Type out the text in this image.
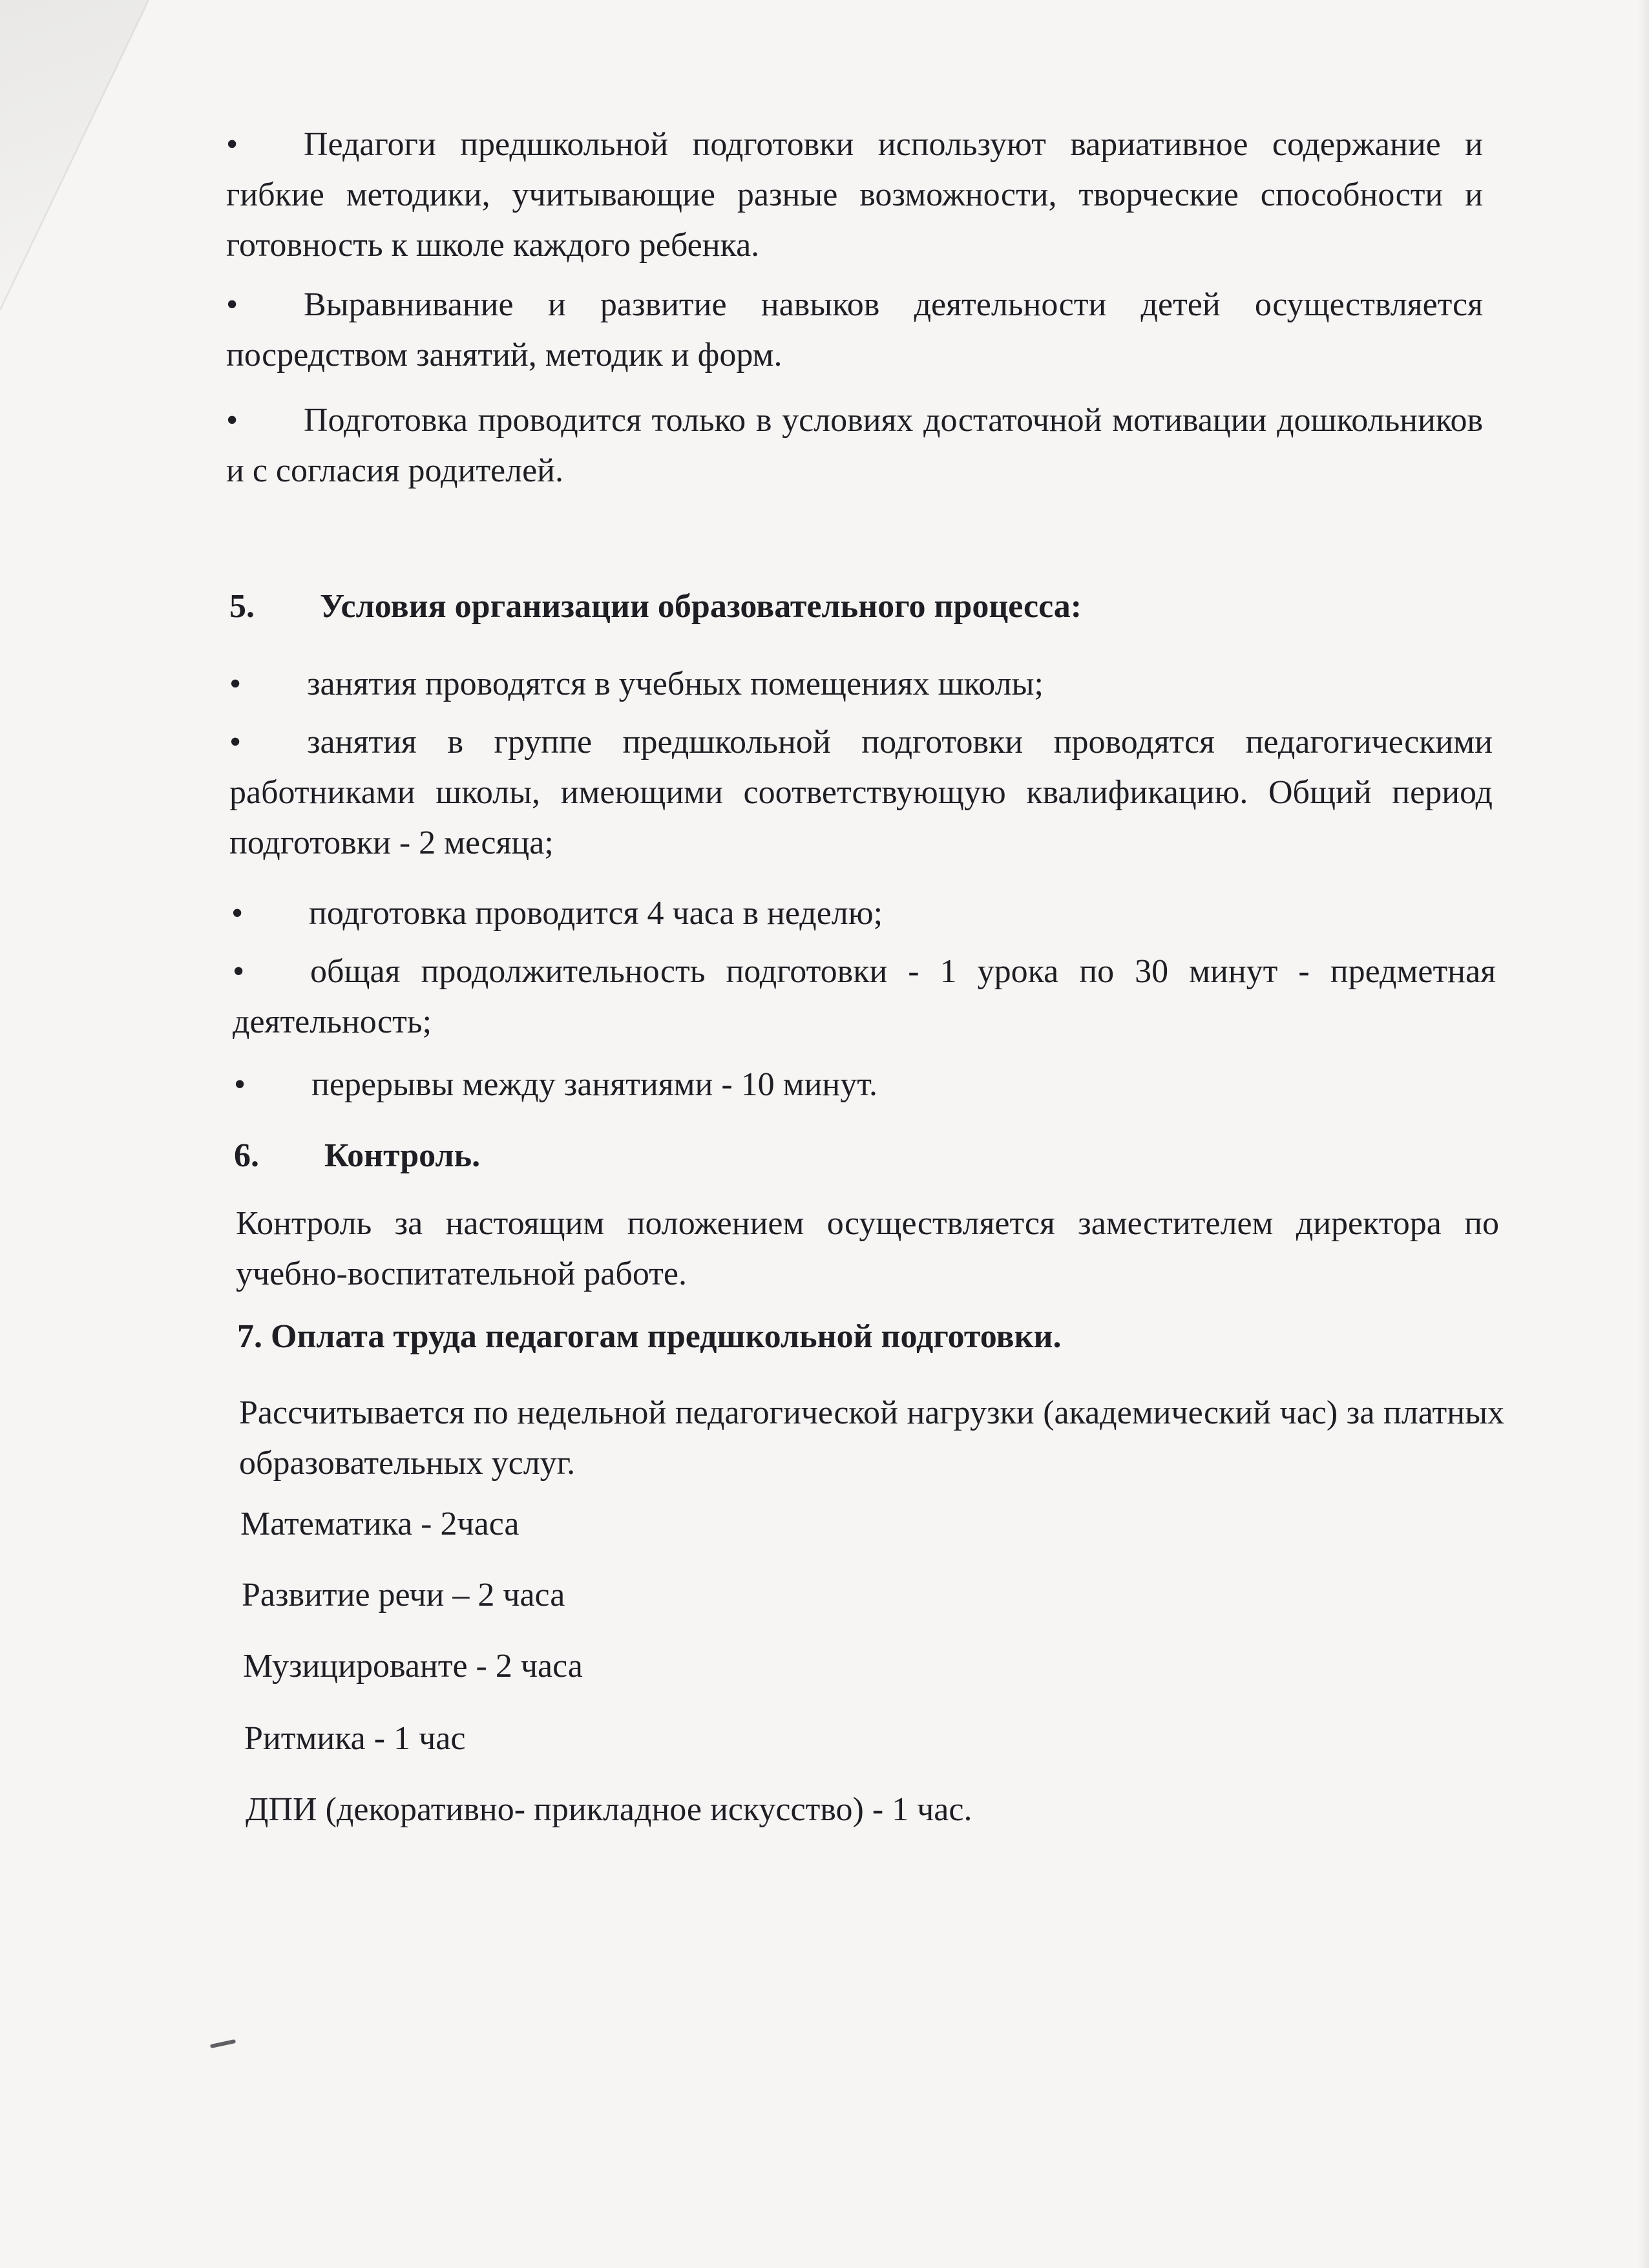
• Педагоги предшкольной подготовки используют вариативное содержание и гибкие методики, учитывающие разные возможности, творческие способности и готовность к школе каждого ребенка.

• Выравнивание и развитие навыков деятельности детей осуществляется посредством занятий, методик и форм.

• Подготовка проводится только в условиях достаточной мотивации дошкольников и с согласия родителей.

5. Условия организации образовательного процесса:

• занятия проводятся в учебных помещениях школы;

• занятия в группе предшкольной подготовки проводятся педагогическими работниками школы, имеющими соответствующую квалификацию. Общий период подготовки - 2 месяца;

• подготовка проводится 4 часа в неделю;

• общая продолжительность подготовки - 1 урока по 30 минут - предметная деятельность;

• перерывы между занятиями - 10 минут.

6. Контроль.

Контроль за настоящим положением осуществляется заместителем директора по учебно-воспитательной работе.

7. Оплата труда педагогам предшкольной подготовки.

Рассчитывается по недельной педагогической нагрузки (академический час) за платных образовательных услуг.

Математика - 2часа

Развитие речи – 2 часа

Музицированте - 2 часа

Ритмика - 1 час

ДПИ (декоративно- прикладное искусство) - 1 час.
